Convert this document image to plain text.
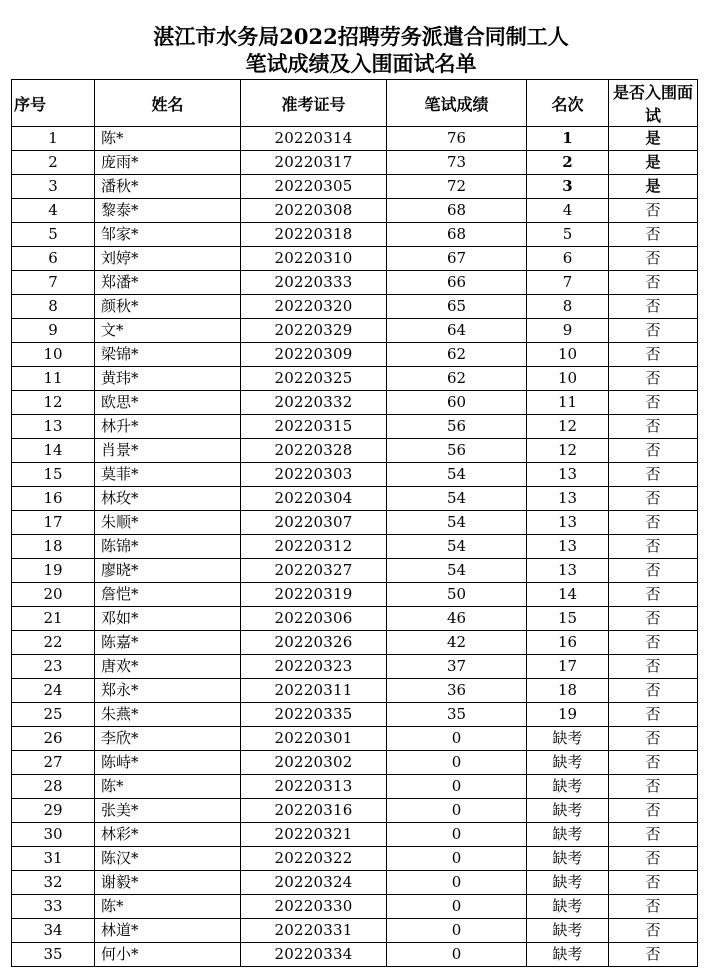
湛江市水务局2022招聘劳务派遣合同制工人
笔试成绩及入围面试名单
序号	姓名	准考证号	笔试成绩	名次	是否入围面试
1	陈*	20220314	76	1	是
2	庞雨*	20220317	73	2	是
3	潘秋*	20220305	72	3	是
4	黎泰*	20220308	68	4	否
5	邹家*	20220318	68	5	否
6	刘婷*	20220310	67	6	否
7	郑潘*	20220333	66	7	否
8	颜秋*	20220320	65	8	否
9	文*	20220329	64	9	否
10	梁锦*	20220309	62	10	否
11	黄玮*	20220325	62	10	否
12	欧思*	20220332	60	11	否
13	林升*	20220315	56	12	否
14	肖景*	20220328	56	12	否
15	莫菲*	20220303	54	13	否
16	林玫*	20220304	54	13	否
17	朱顺*	20220307	54	13	否
18	陈锦*	20220312	54	13	否
19	廖晓*	20220327	54	13	否
20	詹恺*	20220319	50	14	否
21	邓如*	20220306	46	15	否
22	陈嘉*	20220326	42	16	否
23	唐欢*	20220323	37	17	否
24	郑永*	20220311	36	18	否
25	朱燕*	20220335	35	19	否
26	李欣*	20220301	0	缺考	否
27	陈峙*	20220302	0	缺考	否
28	陈*	20220313	0	缺考	否
29	张美*	20220316	0	缺考	否
30	林彩*	20220321	0	缺考	否
31	陈汉*	20220322	0	缺考	否
32	谢毅*	20220324	0	缺考	否
33	陈*	20220330	0	缺考	否
34	林道*	20220331	0	缺考	否
35	何小*	20220334	0	缺考	否
